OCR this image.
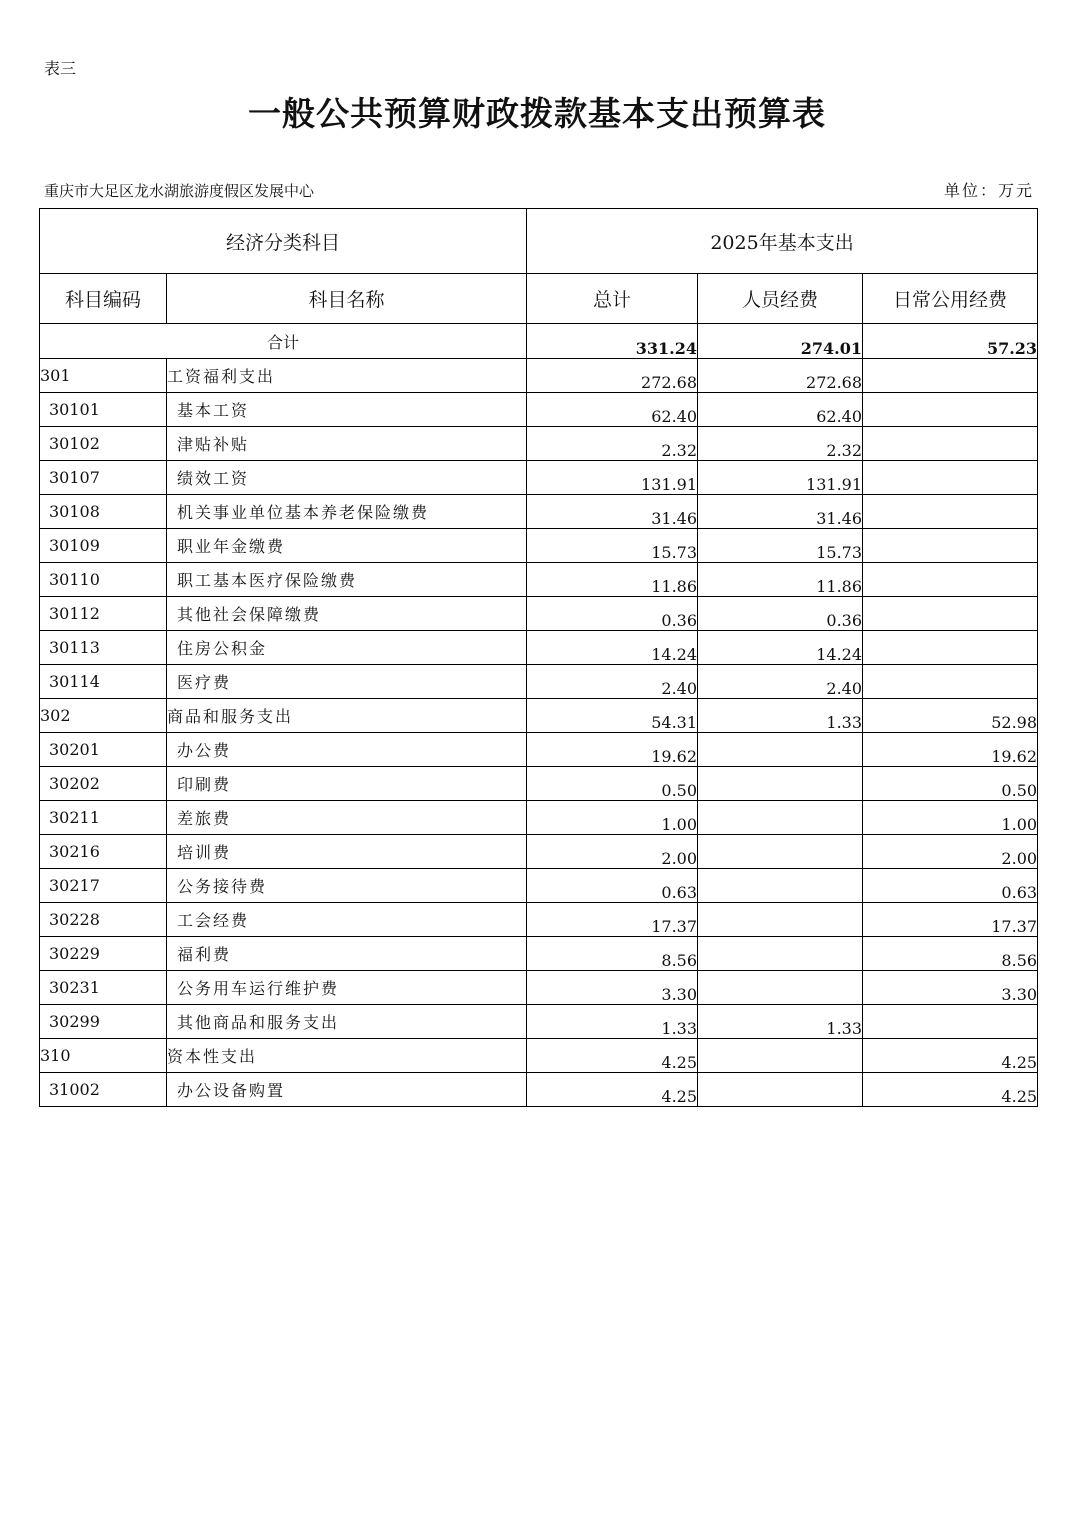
表三
一般公共预算财政拨款基本支出预算表
重庆市大足区龙水湖旅游度假区发展中心	单位：万元
经济分类科目		2025年基本支出		
科目编码	科目名称	总计	人员经费	日常公用经费
合计		331.24	274.01	57.23
301	工资福利支出	272.68	272.68	
30101	基本工资	62.40	62.40	
30102	津贴补贴	2.32	2.32	
30107	绩效工资	131.91	131.91	
30108	机关事业单位基本养老保险缴费	31.46	31.46	
30109	职业年金缴费	15.73	15.73	
30110	职工基本医疗保险缴费	11.86	11.86	
30112	其他社会保障缴费	0.36	0.36	
30113	住房公积金	14.24	14.24	
30114	医疗费	2.40	2.40	
302	商品和服务支出	54.31	1.33	52.98
30201	办公费	19.62		19.62
30202	印刷费	0.50		0.50
30211	差旅费	1.00		1.00
30216	培训费	2.00		2.00
30217	公务接待费	0.63		0.63
30228	工会经费	17.37		17.37
30229	福利费	8.56		8.56
30231	公务用车运行维护费	3.30		3.30
30299	其他商品和服务支出	1.33	1.33	
310	资本性支出	4.25		4.25
31002	办公设备购置	4.25		4.25
